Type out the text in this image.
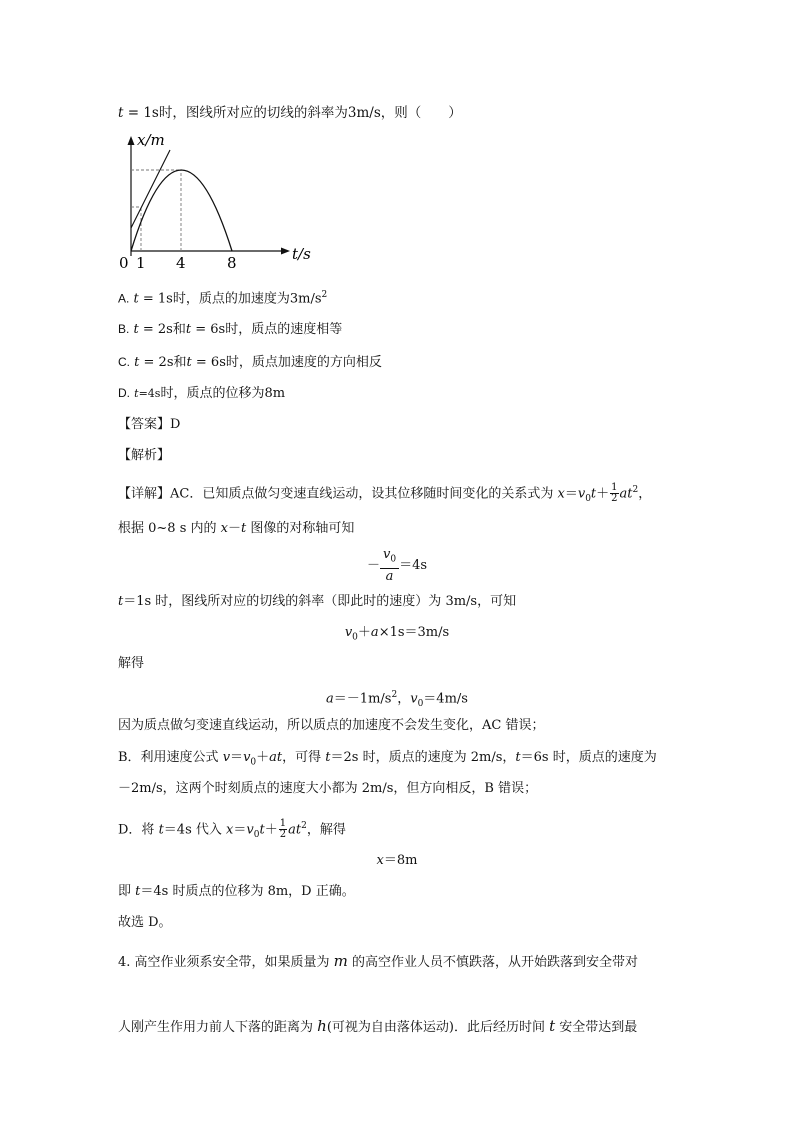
t = 1s时，图线所对应的切线的斜率为3m/s，则（　　）
x/m
t/s
0 1 4	8
A. t = 1s时，质点的加速度为$3m/s^2$
B. t = 2s和t = 6s时，质点的速度相等
C. t = 2s和t = 6s时，质点加速度的方向相反
D. t=4s时，质点的位移为8m
【答案】D
【解析】
【详解】AC．已知质点做匀变速直线运动，设其位移随时间变化的关系式为 $x=v_0t+ \frac{1}{2} at^2$，
根据 0~8 s 内的 x－t 图像的对称轴可知
－ $\frac{v_0}{a} =4s$
t＝1s 时，图线所对应的切线的斜率（即此时的速度）为 3m/s，可知
$v_0+a\times 1s=3m/s$
解得
$a=-1m/s^2$，$v_0=4m/s$
因为质点做匀变速直线运动，所以质点的加速度不会发生变化，AC 错误；
B．利用速度公式 $v=v_0+at$，可得 t＝2s 时，质点的速度为 2m/s，t＝6s 时，质点的速度为
－2m/s，这两个时刻质点的速度大小都为 2m/s，但方向相反，B 错误；
D．将 t＝4s 代入 $x=v_0t+ \frac{1}{2} at^2$，解得
x＝8m
即 t＝4s 时质点的位移为 8m，D 正确。
故选 D。
4. 高空作业须系安全带，如果质量为 m 的高空作业人员不慎跌落，从开始跌落到安全带对
人刚产生作用力前人下落的距离为 h(可视为自由落体运动)．此后经历时间 t 安全带达到最
